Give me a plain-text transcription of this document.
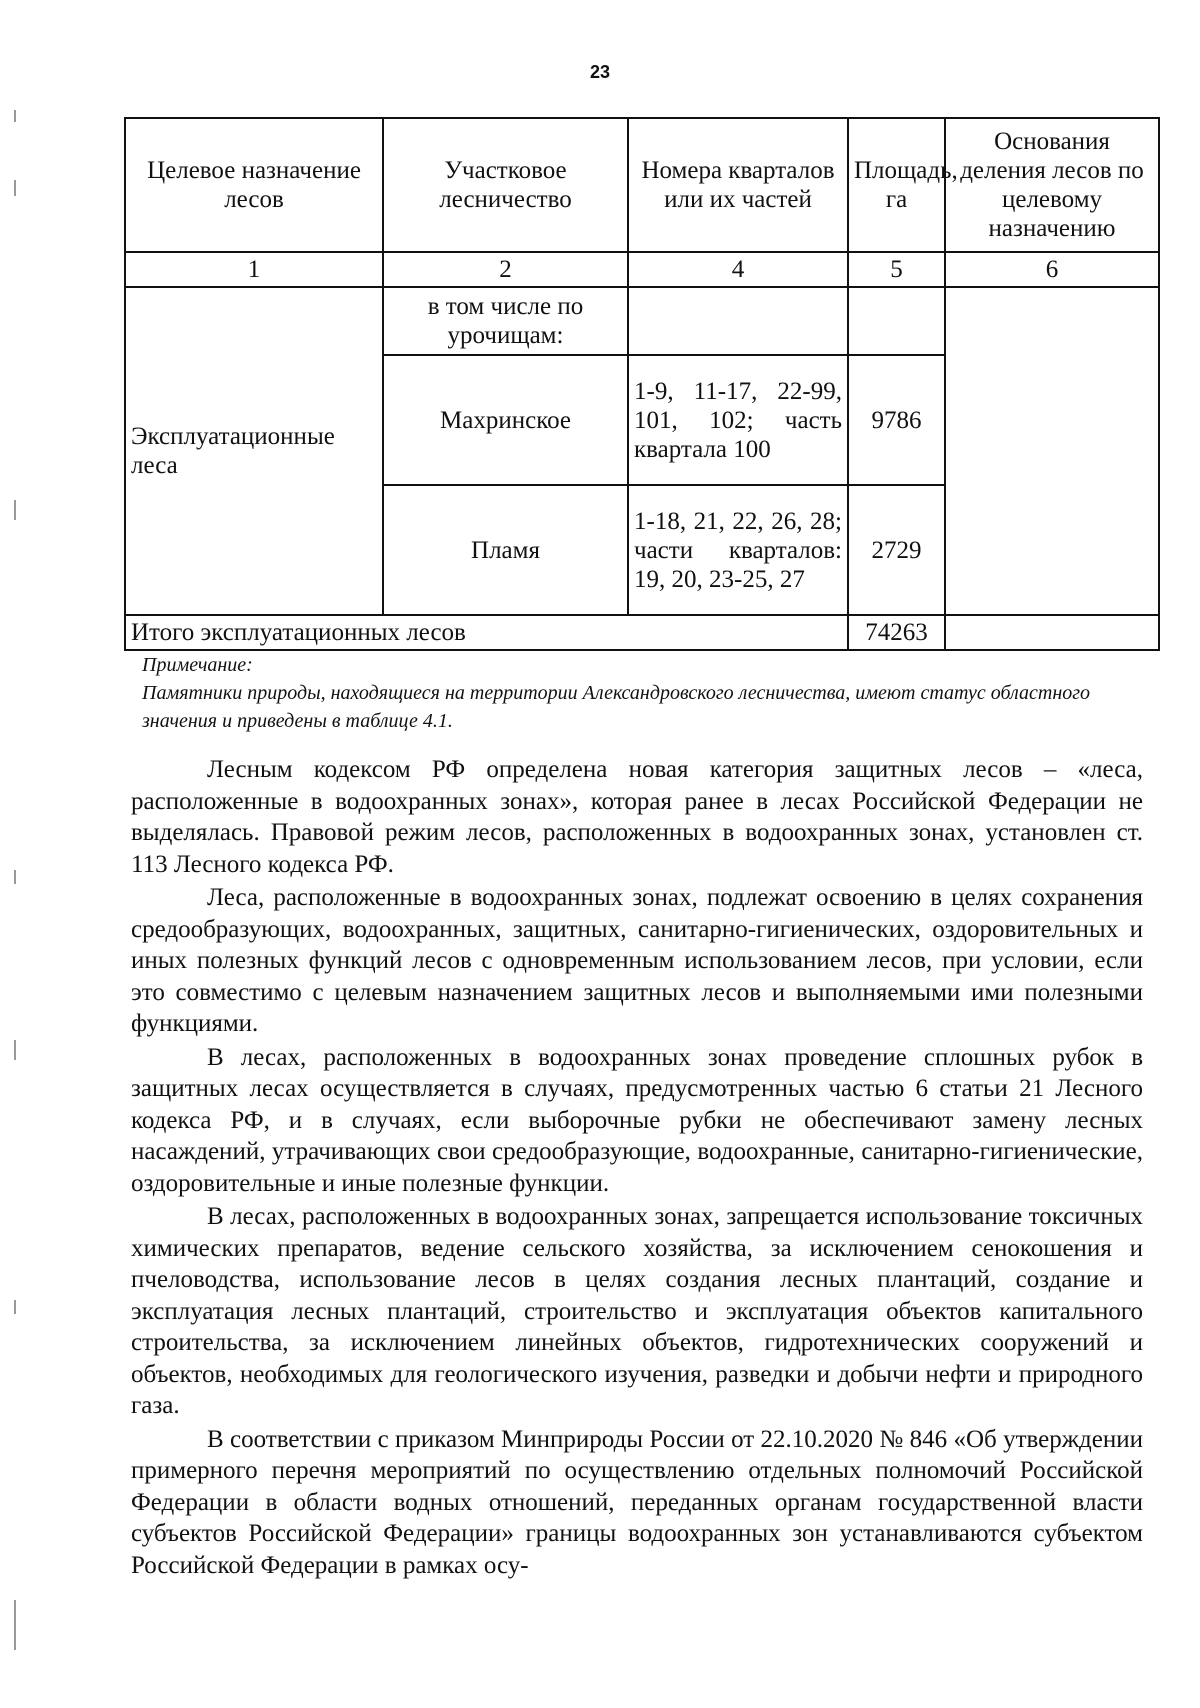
23
Целевое назначение лесов	Участковое лесничество	Номера кварталов или их частей	Площадь, га	Основания деления лесов по целевому назначению
1	2	4	5	6
Эксплуатационные леса	в том числе по урочищам:			
	Махринское	1-9, 11-17, 22-99, 101, 102; часть квартала 100	9786	
	Пламя	1-18, 21, 22, 26, 28; части кварталов: 19, 20, 23-25, 27	2729	
Итого эксплуатационных лесов			74263	

Примечание:

Памятники природы, находящиеся на территории Александровского лесничества, имеют статус областного значения и приведены в таблице 4.1.

Лесным кодексом РФ определена новая категория защитных лесов – «леса, расположенные в водоохранных зонах», которая ранее в лесах Российской Федерации не выделялась. Правовой режим лесов, расположенных в водоохранных зонах, установлен ст. 113 Лесного кодекса РФ.

Леса, расположенные в водоохранных зонах, подлежат освоению в целях сохранения средообразующих, водоохранных, защитных, санитарно-гигиенических, оздоровительных и иных полезных функций лесов с одновременным использованием лесов, при условии, если это совместимо с целевым назначением защитных лесов и выполняемыми ими полезными функциями.

В лесах, расположенных в водоохранных зонах проведение сплошных рубок в защитных лесах осуществляется в случаях, предусмотренных частью 6 статьи 21 Лесного кодекса РФ, и в случаях, если выборочные рубки не обеспечивают замену лесных насаждений, утрачивающих свои средообразующие, водоохранные, санитарно-гигиенические, оздоровительные и иные полезные функции.

В лесах, расположенных в водоохранных зонах, запрещается использование токсичных химических препаратов, ведение сельского хозяйства, за исключением сенокошения и пчеловодства, использование лесов в целях создания лесных плантаций, создание и эксплуатация лесных плантаций, строительство и эксплуатация объектов капитального строительства, за исключением линейных объектов, гидротехнических сооружений и объектов, необходимых для геологического изучения, разведки и добычи нефти и природного газа.

В соответствии с приказом Минприроды России от 22.10.2020 № 846 «Об утверждении примерного перечня мероприятий по осуществлению отдельных полномочий Российской Федерации в области водных отношений, переданных органам государственной власти субъектов Российской Федерации» границы водоохранных зон устанавливаются субъектом Российской Федерации в рамках осу-
